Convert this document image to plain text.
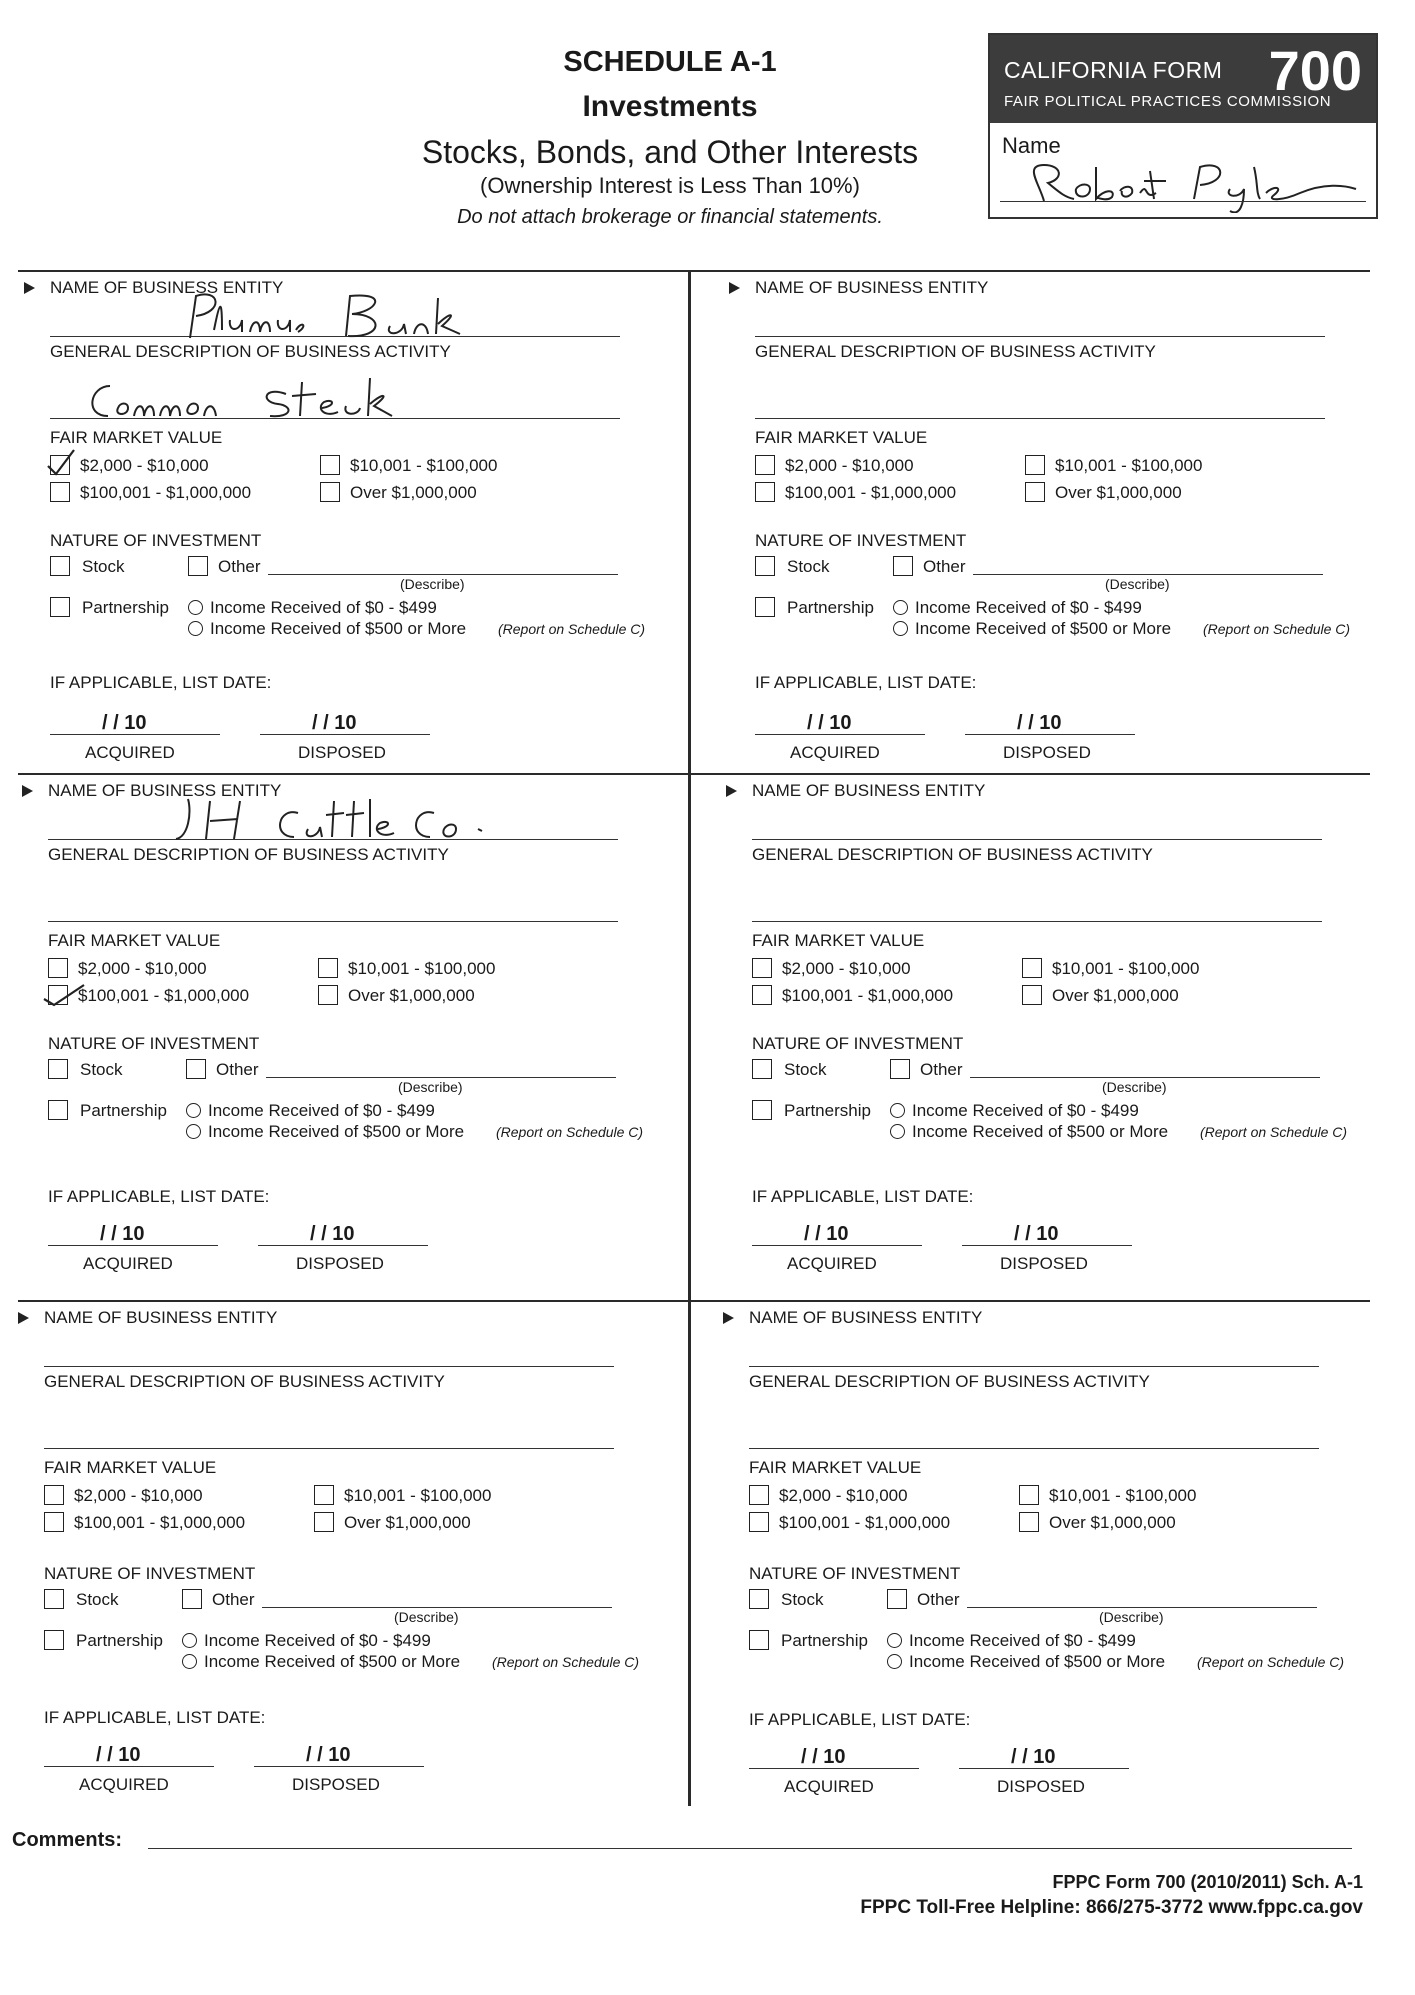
SCHEDULE A-1
Investments
Stocks, Bonds, and Other Interests
(Ownership Interest is Less Than 10%)
Do not attach brokerage or financial statements.
CALIFORNIA FORM 700
FAIR POLITICAL PRACTICES COMMISSION
Name
NAME OF BUSINESS ENTITY
GENERAL DESCRIPTION OF BUSINESS ACTIVITY
FAIR MARKET VALUE
$2,000 - $10,000	$10,001 - $100,000
$100,001 - $1,000,000	Over $1,000,000
NATURE OF INVESTMENT
Stock	Other
(Describe)
Partnership Income Received of $0 - $499
Income Received of $500 or More (Report on Schedule C)
IF APPLICABLE, LIST DATE:
/ / 10
ACQUIRED
/ / 10
DISPOSED
NAME OF BUSINESS ENTITY
GENERAL DESCRIPTION OF BUSINESS ACTIVITY
FAIR MARKET VALUE
$2,000 - $10,000	$10,001 - $100,000
$100,001 - $1,000,000	Over $1,000,000
NATURE OF INVESTMENT
Stock	Other
(Describe)
Partnership Income Received of $0 - $499
Income Received of $500 or More (Report on Schedule C)
IF APPLICABLE, LIST DATE:
/ / 10
ACQUIRED
/ / 10
DISPOSED
NAME OF BUSINESS ENTITY
GENERAL DESCRIPTION OF BUSINESS ACTIVITY
FAIR MARKET VALUE
$2,000 - $10,000	$10,001 - $100,000
$100,001 - $1,000,000	Over $1,000,000
NATURE OF INVESTMENT
Stock	Other
(Describe)
Partnership Income Received of $0 - $499
Income Received of $500 or More (Report on Schedule C)
IF APPLICABLE, LIST DATE:
/ / 10
ACQUIRED
/ / 10
DISPOSED
NAME OF BUSINESS ENTITY
GENERAL DESCRIPTION OF BUSINESS ACTIVITY
FAIR MARKET VALUE
$2,000 - $10,000	$10,001 - $100,000
$100,001 - $1,000,000	Over $1,000,000
NATURE OF INVESTMENT
Stock	Other
(Describe)
Partnership Income Received of $0 - $499
Income Received of $500 or More (Report on Schedule C)
IF APPLICABLE, LIST DATE:
/ / 10
ACQUIRED
/ / 10
DISPOSED
NAME OF BUSINESS ENTITY
GENERAL DESCRIPTION OF BUSINESS ACTIVITY
FAIR MARKET VALUE
$2,000 - $10,000	$10,001 - $100,000
$100,001 - $1,000,000	Over $1,000,000
NATURE OF INVESTMENT
Stock	Other
(Describe)
Partnership Income Received of $0 - $499
Income Received of $500 or More (Report on Schedule C)
IF APPLICABLE, LIST DATE:
/ / 10
ACQUIRED
/ / 10
DISPOSED
NAME OF BUSINESS ENTITY
GENERAL DESCRIPTION OF BUSINESS ACTIVITY
FAIR MARKET VALUE
$2,000 - $10,000	$10,001 - $100,000
$100,001 - $1,000,000	Over $1,000,000
NATURE OF INVESTMENT
Stock	Other
(Describe)
Partnership Income Received of $0 - $499
Income Received of $500 or More (Report on Schedule C)
IF APPLICABLE, LIST DATE:
/ / 10
ACQUIRED
/ / 10
DISPOSED
Comments:
FPPC Form 700 (2010/2011) Sch. A-1
FPPC Toll-Free Helpline: 866/275-3772 www.fppc.ca.gov
